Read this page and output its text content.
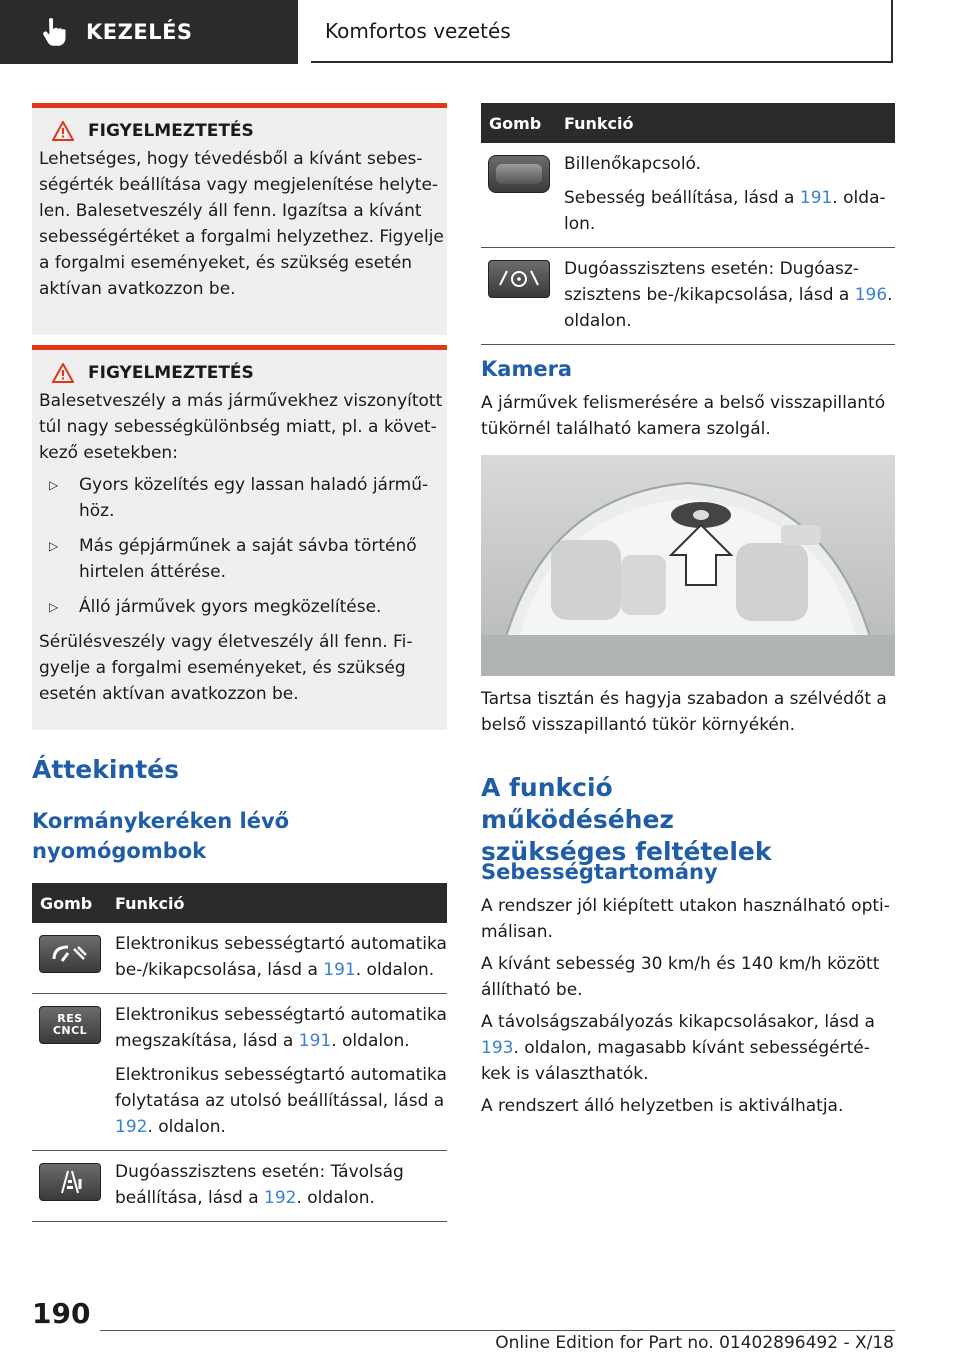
KEZELÉS	Komfortos vezetés
FIGYELMEZTETÉS

Lehetséges, hogy tévedésből a kívánt sebességérték beállítása vagy megjelenítése helytelen. Balesetveszély áll fenn. Igazítsa a kívánt sebességértéket a forgalmi helyzethez. Figyelje a forgalmi eseményeket, és szükség esetén aktívan avatkozzon be.

FIGYELMEZTETÉS

Balesetveszély a más járművekhez viszonyított túl nagy sebességkülönbség miatt, pl. a következő esetekben:

▷	Gyors közelítés egy lassan haladó járműhöz.
▷	Más gépjárműnek a saját sávba történő hirtelen áttérése.
▷	Álló járművek gyors megközelítése.

Sérülésveszély vagy életveszély áll fenn. Figyelje a forgalmi eseményeket, és szükség esetén aktívan avatkozzon be.

Áttekintés
Kormánykeréken lévő nyomógombok
Gomb	Funkció

Elektronikus sebességtartó automatika be-/kikapcsolása, lásd a 191. oldalon.

RES
CNCL

Elektronikus sebességtartó automatika megszakítása, lásd a 191. oldalon.

Elektronikus sebességtartó automatika folytatása az utolsó beállítással, lásd a 192. oldalon.

Dugóasszisztens esetén: Távolság beállítása, lásd a 192. oldalon.

Gomb	Funkció

Billenőkapcsoló.

Sebesség beállítása, lásd a 191. oldalon.

Dugóasszisztens esetén: Dugóaszszisztens be-/kikapcsolása, lásd a 196. oldalon.

Kamera

A járművek felismerésére a belső visszapillantó tükörnél található kamera szolgál.

Tartsa tisztán és hagyja szabadon a szélvédőt a belső visszapillantó tükör környékén.

A funkció működéséhez szükséges feltételek
Sebességtartomány

A rendszer jól kiépített utakon használható optimálisan.

A kívánt sebesség 30 km/h és 140 km/h között állítható be.

A távolságszabályozás kikapcsolásakor, lásd a 193. oldalon, magasabb kívánt sebességértékek is választhatók.

A rendszert álló helyzetben is aktiválhatja.

190
Online Edition for Part no. 01402896492 - X/18
